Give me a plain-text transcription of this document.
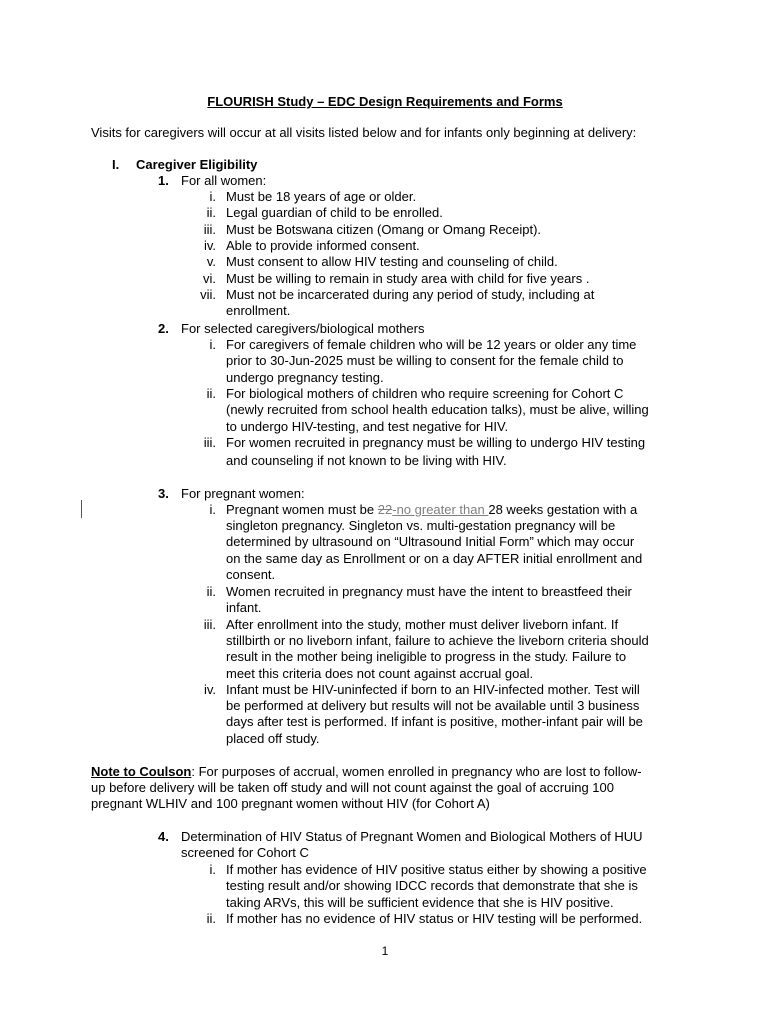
FLOURISH Study – EDC Design Requirements and Forms
Visits for caregivers will occur at all visits listed below and for infants only beginning at delivery:
I. Caregiver Eligibility
1. For all women:
i. Must be 18 years of age or older.
ii. Legal guardian of child to be enrolled.
iii. Must be Botswana citizen (Omang or Omang Receipt).
iv. Able to provide informed consent.
v. Must consent to allow HIV testing and counseling of child.
vi. Must be willing to remain in study area with child for five years .
vii. Must not be incarcerated during any period of study, including at
enrollment.
2. For selected caregivers/biological mothers
i. For caregivers of female children who will be 12 years or older any time
prior to 30-Jun-2025 must be willing to consent for the female child to
undergo pregnancy testing.
ii. For biological mothers of children who require screening for Cohort C
(newly recruited from school health education talks), must be alive, willing
to undergo HIV-testing, and test negative for HIV.
iii. For women recruited in pregnancy must be willing to undergo HIV testing
and counseling if not known to be living with HIV.
3. For pregnant women:
i. Pregnant women must be 22-no greater than 28 weeks gestation with a
singleton pregnancy. Singleton vs. multi-gestation pregnancy will be
determined by ultrasound on “Ultrasound Initial Form” which may occur
on the same day as Enrollment or on a day AFTER initial enrollment and
consent.
ii. Women recruited in pregnancy must have the intent to breastfeed their
infant.
iii. After enrollment into the study, mother must deliver liveborn infant. If
stillbirth or no liveborn infant, failure to achieve the liveborn criteria should
result in the mother being ineligible to progress in the study. Failure to
meet this criteria does not count against accrual goal.
iv. Infant must be HIV-uninfected if born to an HIV-infected mother. Test will
be performed at delivery but results will not be available until 3 business
days after test is performed. If infant is positive, mother-infant pair will be
placed off study.
Note to Coulson: For purposes of accrual, women enrolled in pregnancy who are lost to follow-
up before delivery will be taken off study and will not count against the goal of accruing 100
pregnant WLHIV and 100 pregnant women without HIV (for Cohort A)
4. Determination of HIV Status of Pregnant Women and Biological Mothers of HUU
screened for Cohort C
i. If mother has evidence of HIV positive status either by showing a positive
testing result and/or showing IDCC records that demonstrate that she is
taking ARVs, this will be sufficient evidence that she is HIV positive.
ii. If mother has no evidence of HIV status or HIV testing will be performed.
1
